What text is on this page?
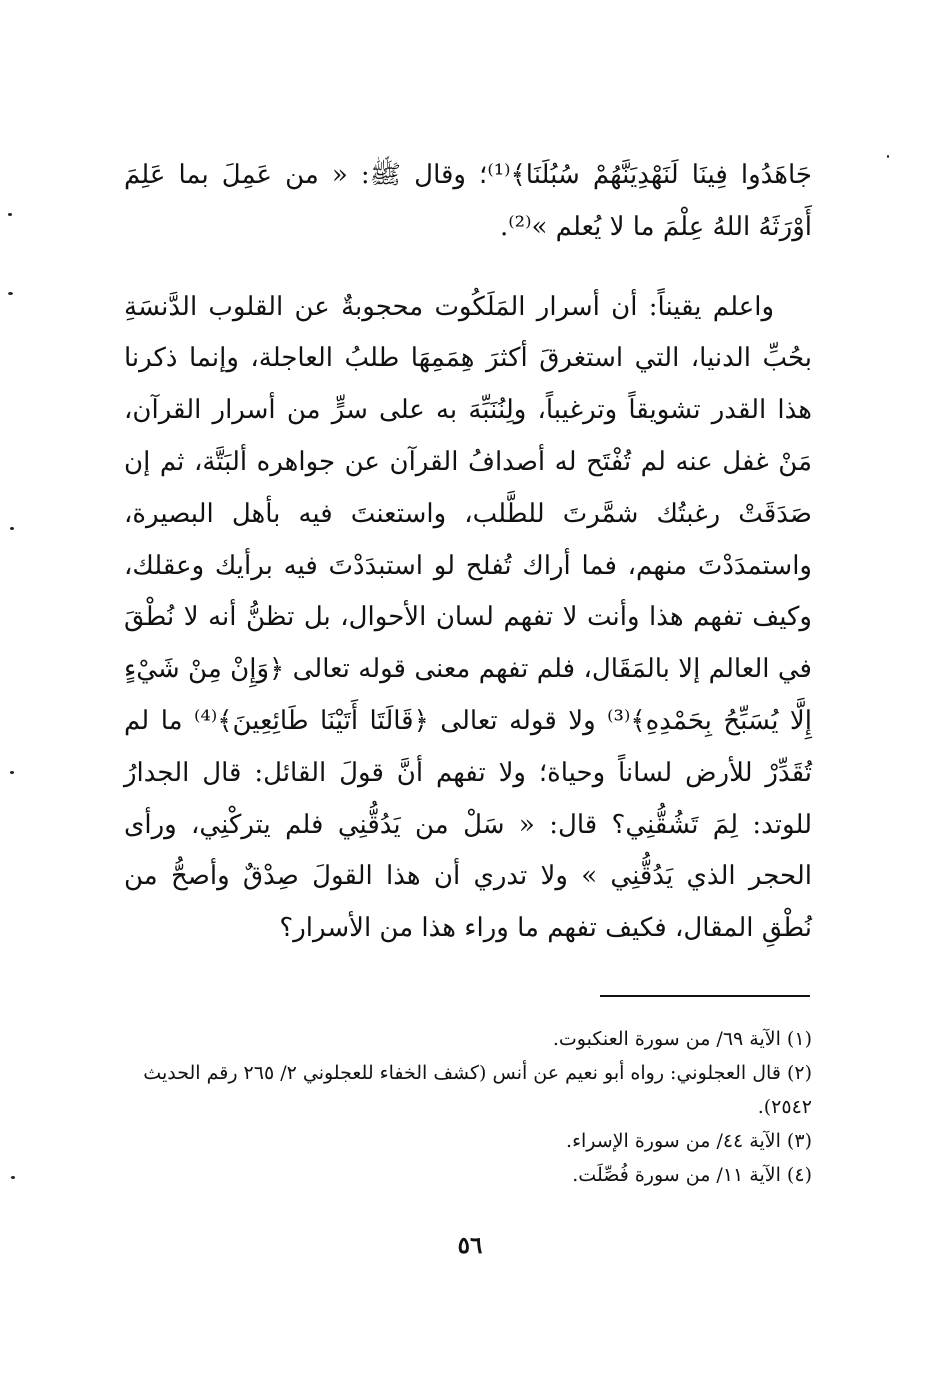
جَاهَدُوا فِينَا لَنَهْدِيَنَّهُمْ سُبُلَنَا﴾⁽¹⁾؛ وقال ﷺ: « من عَمِلَ بما عَلِمَ أَوْرَثَهُ اللهُ عِلْمَ ما لا يُعلم »⁽²⁾.

واعلم يقيناً: أن أسرار المَلَكُوت محجوبةٌ عن القلوب الدَّنسَةِ بحُبِّ الدنيا، التي استغرقَ أكثرَ هِمَمِهَا طلبُ العاجلة، وإنما ذكرنا هذا القدر تشويقاً وترغيباً، ولِنُنَبِّهَ به على سرٍّ من أسرار القرآن، مَنْ غفل عنه لم تُفْتَح له أصدافُ القرآن عن جواهره ألبَتَّة، ثم إن صَدَقَتْ رغبتُك شمَّرتَ للطَّلب، واستعنتَ فيه بأهل البصيرة، واستمدَدْتَ منهم، فما أراك تُفلح لو استبدَدْتَ فيه برأيك وعقلك، وكيف تفهم هذا وأنت لا تفهم لسان الأحوال، بل تظنُّ أنه لا نُطْقَ في العالم إلا بالمَقَال، فلم تفهم معنى قوله تعالى ﴿وَإِنْ مِنْ شَيْءٍ إِلَّا يُسَبِّحُ بِحَمْدِهِ﴾⁽³⁾ ولا قوله تعالى ﴿قَالَتَا أَتَيْنَا طَائِعِينَ﴾⁽⁴⁾ ما لم تُقَدِّرْ للأرض لساناً وحياة؛ ولا تفهم أنَّ قولَ القائل: قال الجدارُ للوتد: لِمَ تَشُقُّنِي؟ قال: « سَلْ من يَدُقُّنِي فلم يتركْنِي، ورأى الحجر الذي يَدُقُّنِي » ولا تدري أن هذا القولَ صِدْقٌ وأصحُّ من نُطْقِ المقال، فكيف تفهم ما وراء هذا من الأسرار؟

(١) الآية ٦٩/ من سورة العنكبوت.

(٢) قال العجلوني: رواه أبو نعيم عن أنس (كشف الخفاء للعجلوني ٢/ ٢٦٥ رقم الحديث ٢٥٤٢).

(٣) الآية ٤٤/ من سورة الإسراء.

(٤) الآية ١١/ من سورة فُصِّلَت.

٥٦
